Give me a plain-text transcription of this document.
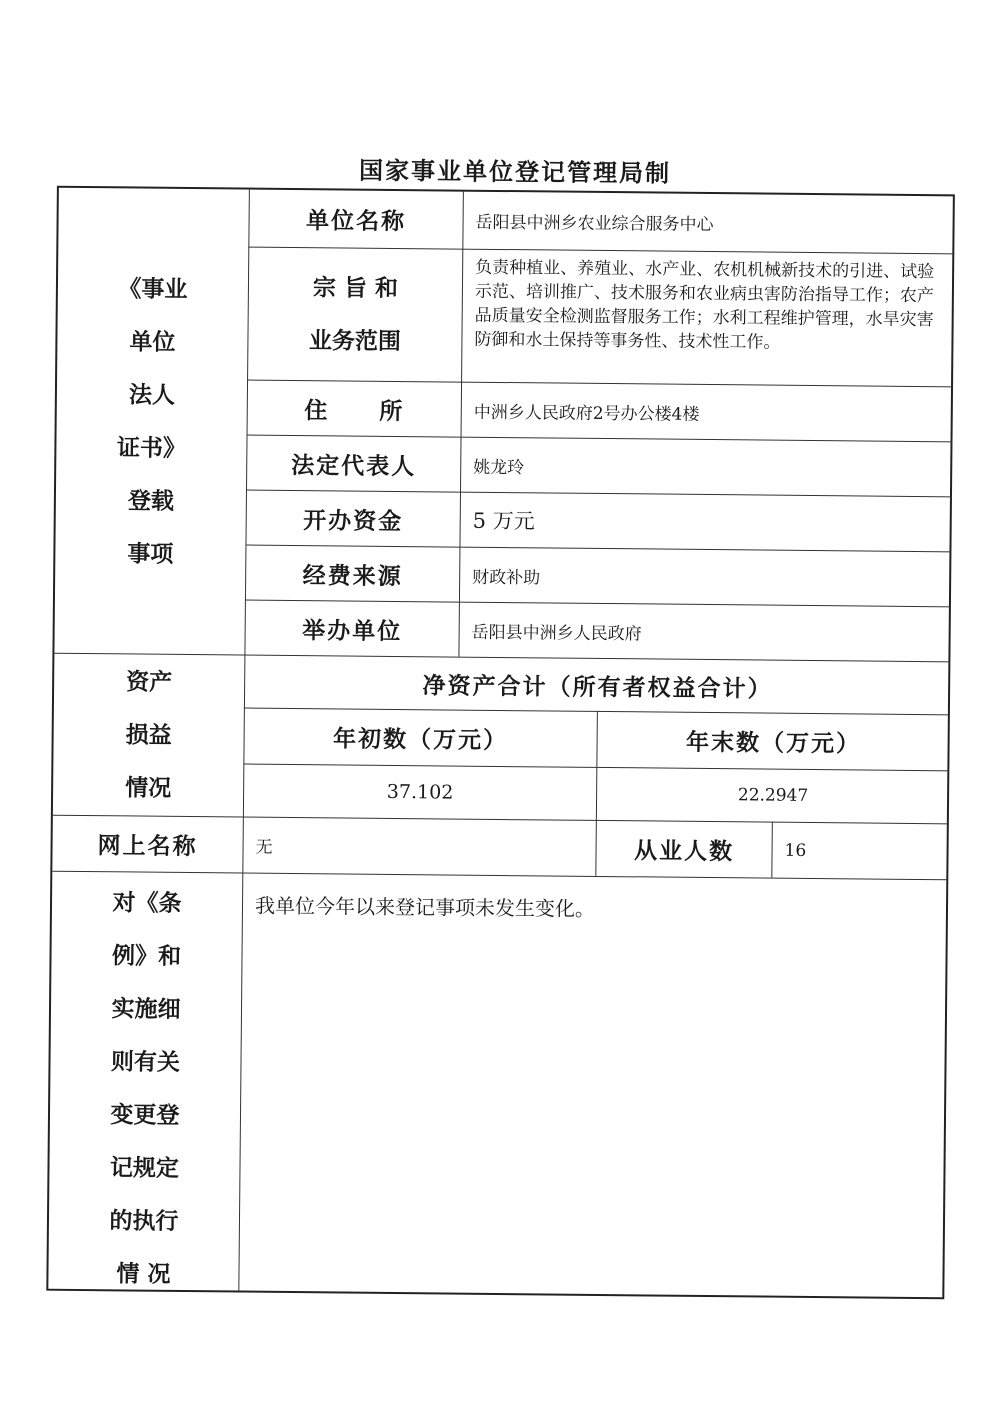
国家事业单位登记管理局制
《事业
单位
法人
证书》
登载
事项
单位名称	岳阳县中洲乡农业综合服务中心
宗 旨 和
业务范围
负责种植业、养殖业、水产业、农机机械新技术的引进、试验示范、培训推广、技术服务和农业病虫害防治指导工作；农产品质量安全检测监督服务工作；水利工程维护管理，水旱灾害防御和水土保持等事务性、技术性工作。
住　　所	中洲乡人民政府2号办公楼4楼
法定代表人	姚龙玲
开办资金	5 万元
经费来源	财政补助
举办单位	岳阳县中洲乡人民政府
资产
损益
情况
净资产合计（所有者权益合计）
年初数（万元）	年末数（万元）
37.102	22.2947
网上名称	无	从业人数	16
对《条
例》和
实施细
则有关
变更登
记规定
的执行
情 况
我单位今年以来登记事项未发生变化。
